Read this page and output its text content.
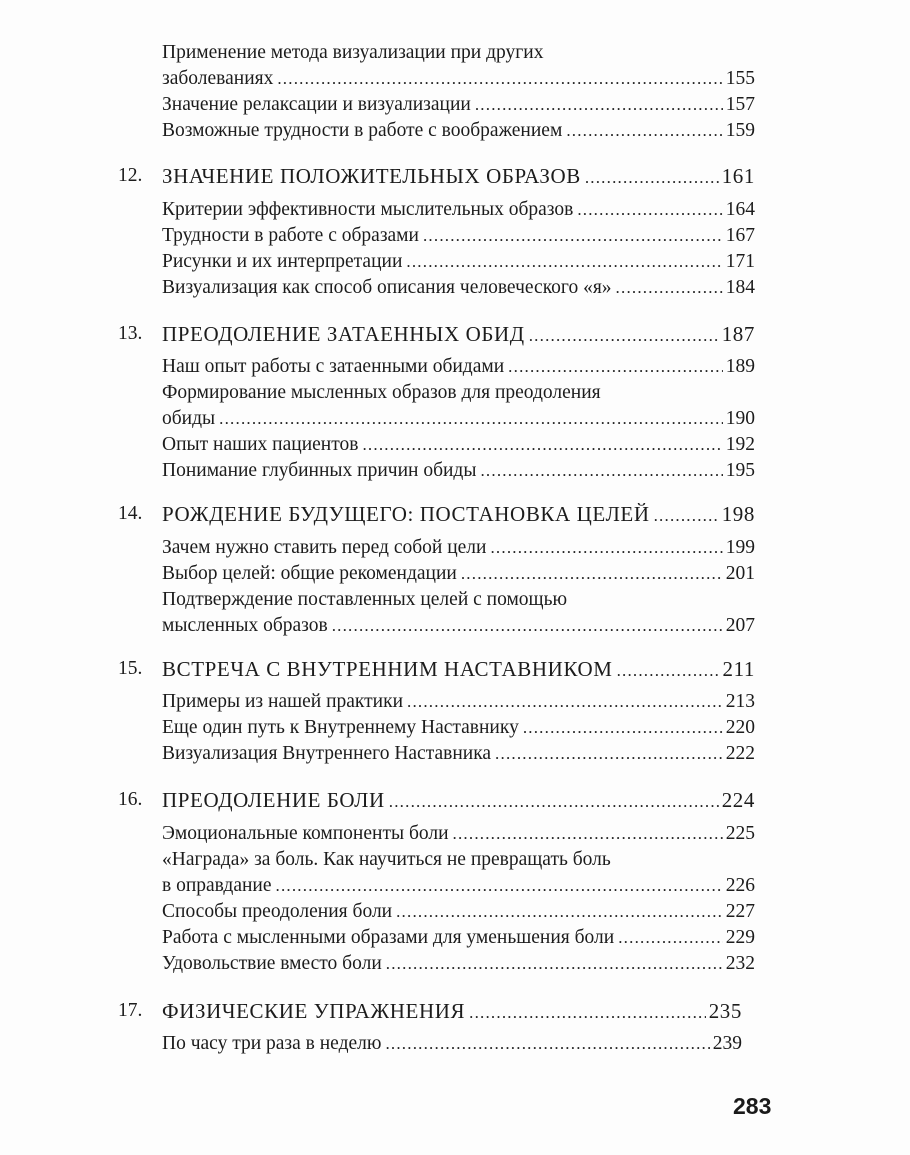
Применение метода визуализации при других
заболеваниях .....	155
Значение релаксации и визуализации .....	157
Возможные трудности в работе с воображением .....	159
12. ЗНАЧЕНИЕ ПОЛОЖИТЕЛЬНЫХ ОБРАЗОВ .....	161
Критерии эффективности мыслительных образов .....	164
Трудности в работе с образами .....	167
Рисунки и их интерпретации .....	171
Визуализация как способ описания человеческого «я» .....	184
13. ПРЕОДОЛЕНИЕ ЗАТАЕННЫХ ОБИД .....	187
Наш опыт работы с затаенными обидами .....	189
Формирование мысленных образов для преодоления
обиды .....	190
Опыт наших пациентов .....	192
Понимание глубинных причин обиды .....	195
14. РОЖДЕНИЕ БУДУЩЕГО: ПОСТАНОВКА ЦЕЛЕЙ .....	198
Зачем нужно ставить перед собой цели .....	199
Выбор целей: общие рекомендации .....	201
Подтверждение поставленных целей с помощью
мысленных образов .....	207
15. ВСТРЕЧА С ВНУТРЕННИМ НАСТАВНИКОМ .....	211
Примеры из нашей практики .....	213
Еще один путь к Внутреннему Наставнику .....	220
Визуализация Внутреннего Наставника .....	222
16. ПРЕОДОЛЕНИЕ БОЛИ .....	224
Эмоциональные компоненты боли .....	225
«Награда» за боль. Как научиться не превращать боль
в оправдание .....	226
Способы преодоления боли .....	227
Работа с мысленными образами для уменьшения боли .....	229
Удовольствие вместо боли .....	232
17. ФИЗИЧЕСКИЕ УПРАЖНЕНИЯ .....	235
По часу три раза в неделю .....	239
283
